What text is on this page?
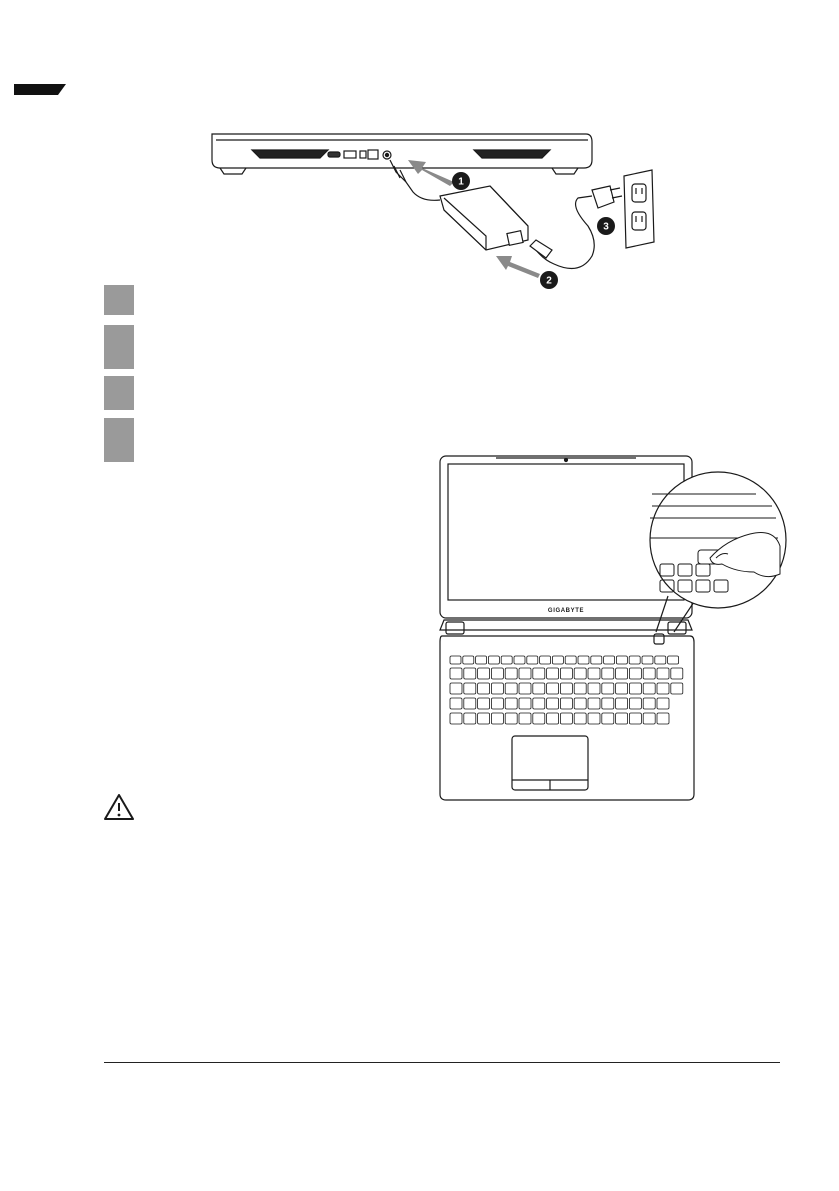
1
3
2
GIGABYTE
